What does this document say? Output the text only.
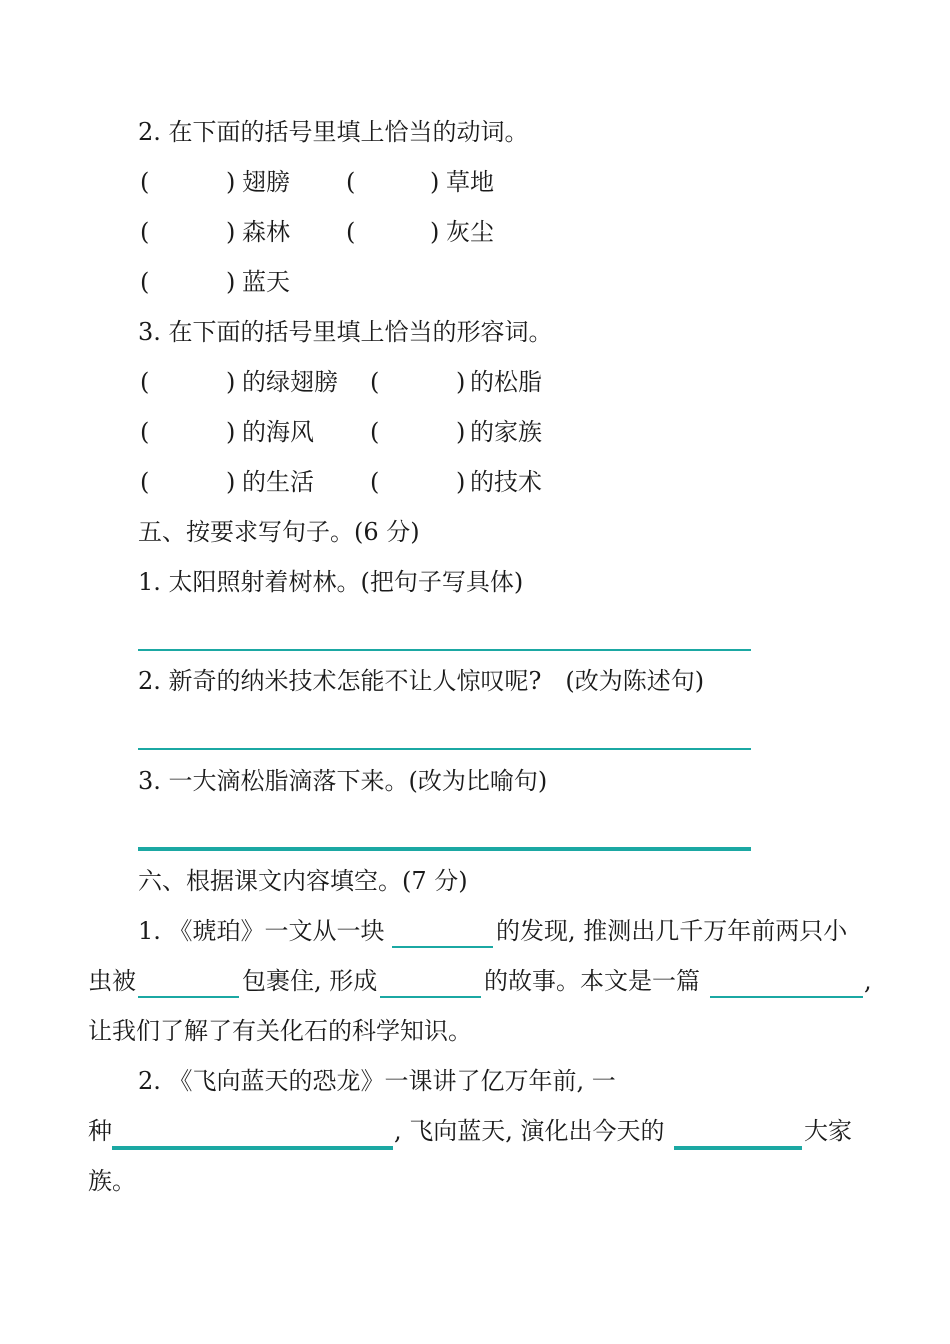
2. 在下面的括号里填上恰当的动词。
(	) 翅膀 (	) 草地
(	) 森林 (	) 灰尘
(	) 蓝天
3. 在下面的括号里填上恰当的形容词。
(	) 的绿翅膀 (	) 的松脂
(	) 的海风 (	) 的家族
(	) 的生活 (	) 的技术
五、按要求写句子。(6 分)
1. 太阳照射着树林。(把句子写具体)
2. 新奇的纳米技术怎能不让人惊叹呢?　(改为陈述句)
3. 一大滴松脂滴落下来。(改为比喻句)
六、根据课文内容填空。(7 分)
1. 《琥珀》一文从一块	的发现, 推测出几千万年前两只小
虫被	包裹住, 形成	的故事。本文是一篇	,
让我们了解了有关化石的科学知识。
2. 《飞向蓝天的恐龙》一课讲了亿万年前, 一
种	, 飞向蓝天, 演化出今天的	大家
族。
